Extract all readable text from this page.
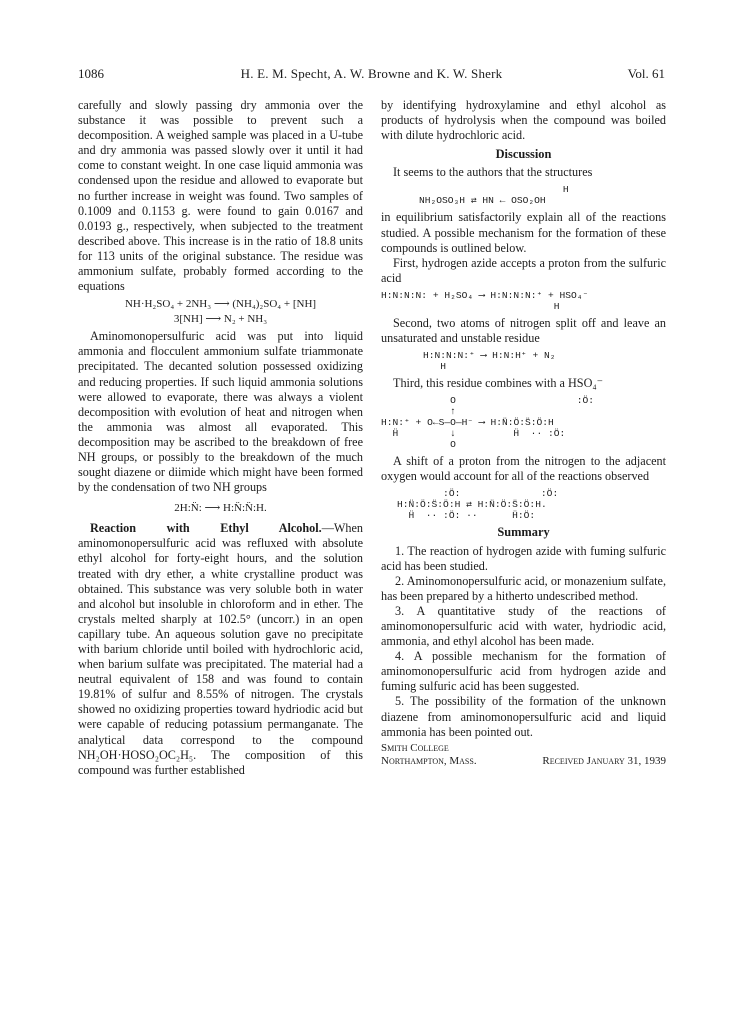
1086	H. E. M. Specht, A. W. Browne and K. W. Sherk	Vol. 61

carefully and slowly passing dry ammonia over the substance it was possible to prevent such a decomposition. A weighed sample was placed in a U-tube and dry ammonia was passed slowly over it until it had come to constant weight. In one case liquid ammonia was condensed upon the residue and allowed to evaporate but no further increase in weight was found. Two samples of 0.1009 and 0.1153 g. were found to gain 0.0167 and 0.0193 g., respectively, when subjected to the treatment described above. This increase is in the ratio of 18.8 units for 113 units of the original substance. The residue was ammonium sulfate, probably formed according to the equations

NH·H₂SO₄ + 2NH₃ ⟶ (NH₄)₂SO₄ + [NH]
3[NH] ⟶ N₂ + NH₃

Aminomonopersulfuric acid was put into liquid ammonia and flocculent ammonium sulfate triammonate precipitated. The decanted solution possessed oxidizing and reducing properties. If such liquid ammonia solutions were allowed to evaporate, there was always a violent decomposition with evolution of heat and nitrogen when the ammonia was almost all evaporated. This decomposition may be ascribed to the breakdown of free NH groups, or possibly to the breakdown of the much sought diazene or diimide which might have been formed by the condensation of two NH groups

2H:N̈: ⟶ H:N̈:N̈:H.

Reaction with Ethyl Alcohol.—When aminomonopersulfuric acid was refluxed with absolute ethyl alcohol for forty-eight hours, and the solution treated with dry ether, a white crystalline product was obtained. This substance was very soluble both in water and alcohol but insoluble in chloroform and in ether. The crystals melted sharply at 102.5° (uncorr.) in an open capillary tube. An aqueous solution gave no precipitate with barium chloride until boiled with hydrochloric acid, when barium sulfate was precipitated. The material had a neutral equivalent of 158 and was found to contain 19.81% of sulfur and 8.55% of nitrogen. The crystals showed no oxidizing properties toward hydriodic acid but were capable of reducing potassium permanganate. The analytical data correspond to the compound NH₂OH·HOSO₂OC₂H₅. The composition of this compound was further established

by identifying hydroxylamine and ethyl alcohol as products of hydrolysis when the compound was boiled with dilute hydrochloric acid.

Discussion

It seems to the authors that the structures

H
NH₂OSO₃H ⇄ HN ← OSO₂OH

in equilibrium satisfactorily explain all of the reactions studied. A possible mechanism for the formation of these compounds is outlined below.

First, hydrogen azide accepts a proton from the sulfuric acid

H:N:N:N: + H₂SO₄ ⟶ H:N:N:N:⁺ + HSO₄⁻
H

Second, two atoms of nitrogen split off and leave an unsaturated and unstable residue

H:N:N:N:⁺ ⟶ H:N:H⁺ + N₂
H

Third, this residue combines with a HSO₄⁻

O                     :Ö:
↑
H:N:⁺ + O←S—O—H⁻ ⟶ H:N̈:Ö:S̈:Ö:H
Ḧ         ↓          Ḧ  ·· :Ö:
O

A shift of a proton from the nitrogen to the adjacent oxygen would account for all of the reactions observed

:Ö:              :Ö:
H:N̈:Ö:S̈:Ö:H ⇄ H:N̈:Ö:S̈:Ö:H.
Ḧ  ·· :Ö: ··      Ḧ:Ö:
Summary

1. The reaction of hydrogen azide with fuming sulfuric acid has been studied.

2. Aminomonopersulfuric acid, or monazenium sulfate, has been prepared by a hitherto undescribed method.

3. A quantitative study of the reactions of aminomonopersulfuric acid with water, hydriodic acid, ammonia, and ethyl alcohol has been made.

4. A possible mechanism for the formation of aminomonopersulfuric acid from hydrogen azide and fuming sulfuric acid has been suggested.

5. The possibility of the formation of the unknown diazene from aminomonopersulfuric acid and liquid ammonia has been pointed out.

Smith College
Northampton, Mass.	Received January 31, 1939
